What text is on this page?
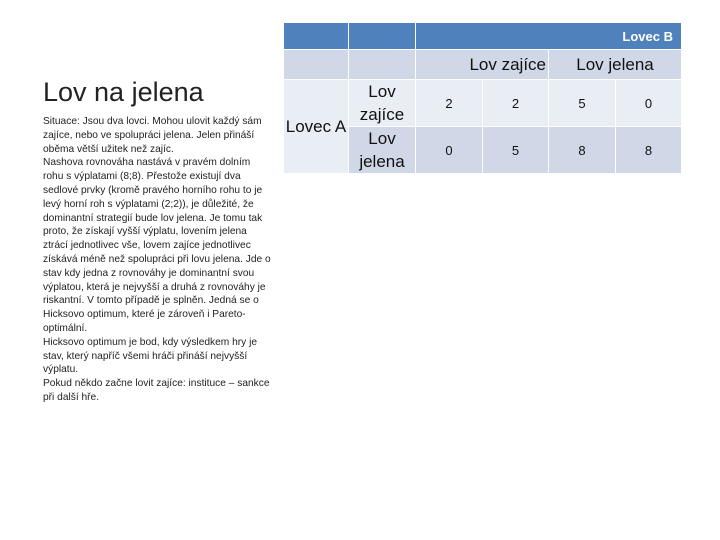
Lov na jelena

Situace: Jsou dva lovci. Mohou ulovit každý sám zajíce, nebo ve spolupráci jelena. Jelen přináší oběma větší užitek než zajíc.

Nashova rovnováha nastává v pravém dolním rohu s výplatami (8;8). Přestože existují dva sedlové prvky (kromě pravého horního rohu to je levý horní roh s výplatami (2;2)), je důležité, že dominantní strategií bude lov jelena. Je tomu tak proto, že získají vyšší výplatu, lovením jelena ztrácí jednotlivec vše, lovem zajíce jednotlivec získává méně než spolupráci při lovu jelena. Jde o stav kdy jedna z rovnováhy je dominantní svou výplatou, která je nejvyšší a druhá z rovnováhy je riskantní. V tomto případě je splněn. Jedná se o Hicksovo optimum, které je zároveň i Pareto-optimální.

Hicksovo optimum je bod, kdy výsledkem hry je stav, který napříč všemi hráči přináší nejvyšší výplatu.

Pokud někdo začne lovit zajíce: instituce – sankce při další hře.

		Lovec B			
		Lov zajíce		Lov jelena	
Lovec A	Lov zajíce	2	2	5	0
	Lov jelena	0	5	8	8
